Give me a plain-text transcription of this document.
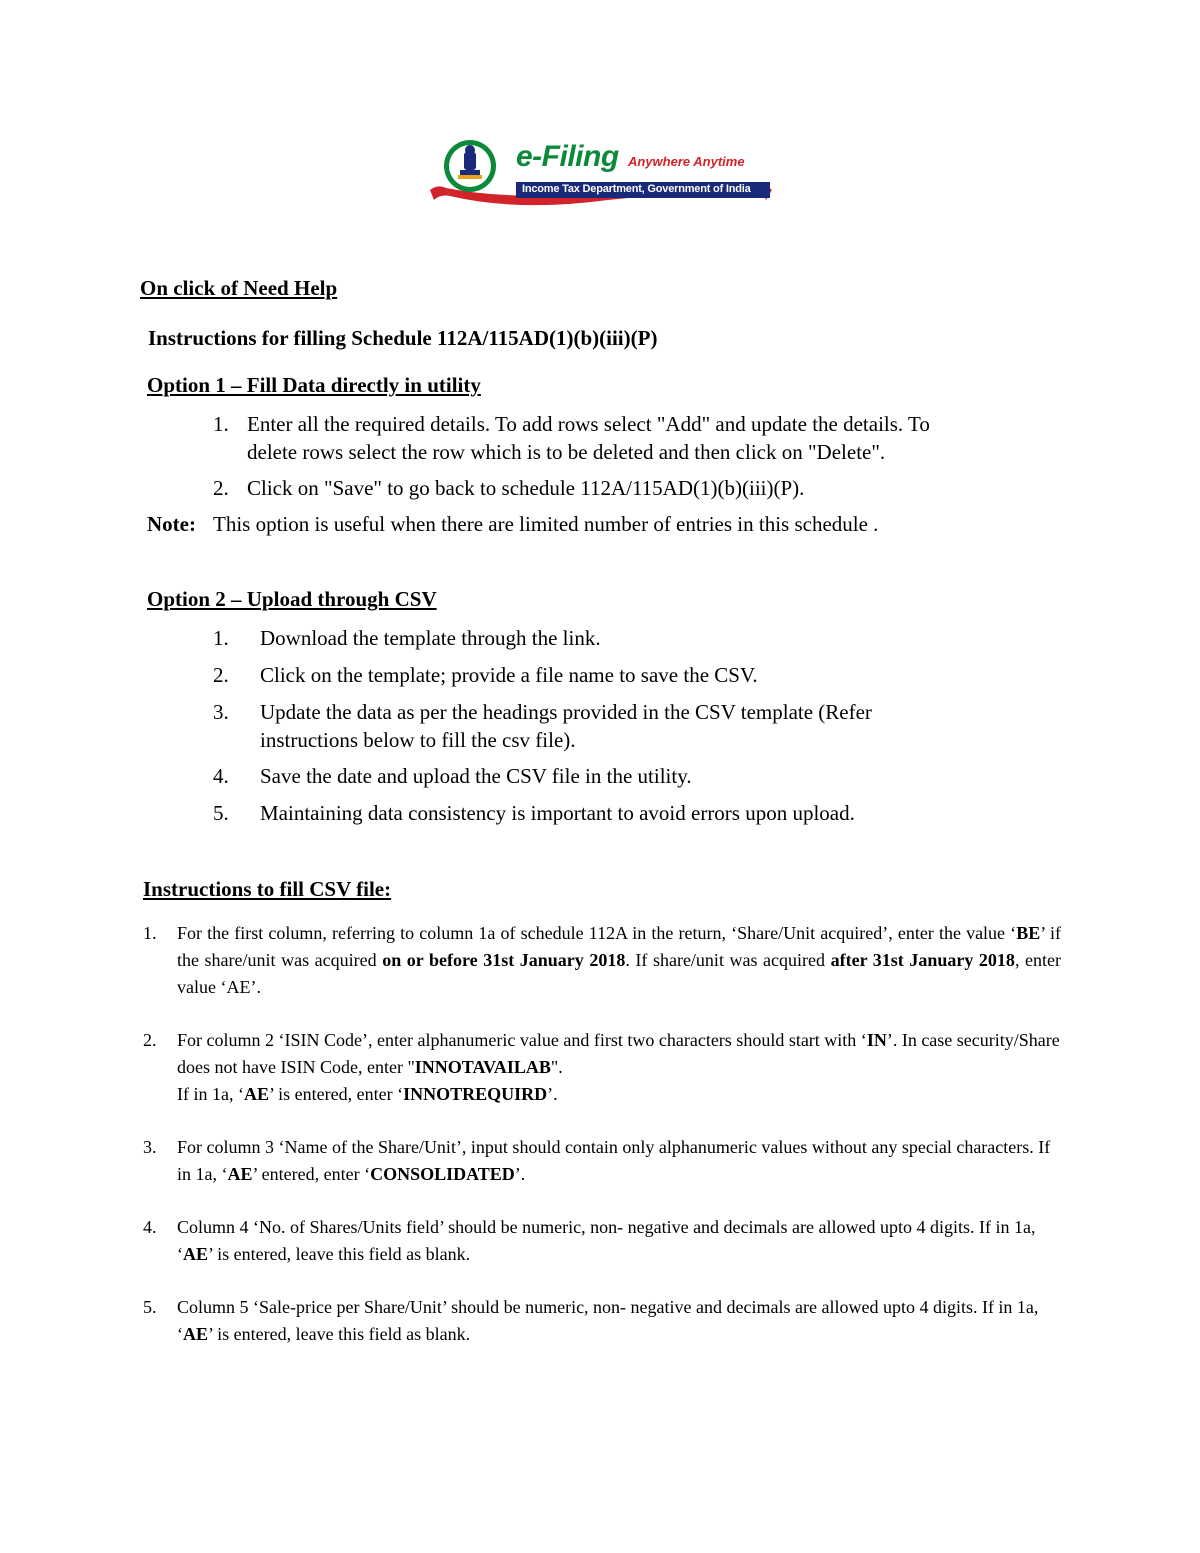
e-Filing Anywhere Anytime
Income Tax Department, Government of India
On click of Need Help
Instructions for filling Schedule 112A/115AD(1)(b)(iii)(P)
Option 1 – Fill Data directly in utility
1. Enter all the required details. To add rows select "Add" and update the details. To
delete rows select the row which is to be deleted and then click on "Delete".
2. Click on "Save" to go back to schedule 112A/115AD(1)(b)(iii)(P).
Note: This option is useful when there are limited number of entries in this schedule .
Option 2 – Upload through CSV
1. Download the template through the link.
2. Click on the template; provide a file name to save the CSV.
3. Update the data as per the headings provided in the CSV template (Refer
instructions below to fill the csv file).
4. Save the date and upload the CSV file in the utility.
5. Maintaining data consistency is important to avoid errors upon upload.
Instructions to fill CSV file:
1. For the first column, referring to column 1a of schedule 112A in the return, ‘Share/Unit acquired’, enter the value ‘BE’ if the share/unit was acquired on or before 31st January 2018. If share/unit was acquired after 31st January 2018, enter value ‘AE’.
2. For column 2 ‘ISIN Code’, enter alphanumeric value and first two characters should start with ‘IN’. In case security/Share does not have ISIN Code, enter "INNOTAVAILAB".
If in 1a, ‘AE’ is entered, enter ‘INNOTREQUIRD’.
3. For column 3 ‘Name of the Share/Unit’, input should contain only alphanumeric values without any special characters. If in 1a, ‘AE’ entered, enter ‘CONSOLIDATED’.
4. Column 4 ‘No. of Shares/Units field’ should be numeric, non- negative and decimals are allowed upto 4 digits. If in 1a, ‘AE’ is entered, leave this field as blank.
5. Column 5 ‘Sale-price per Share/Unit’ should be numeric, non- negative and decimals are allowed upto 4 digits. If in 1a, ‘AE’ is entered, leave this field as blank.
